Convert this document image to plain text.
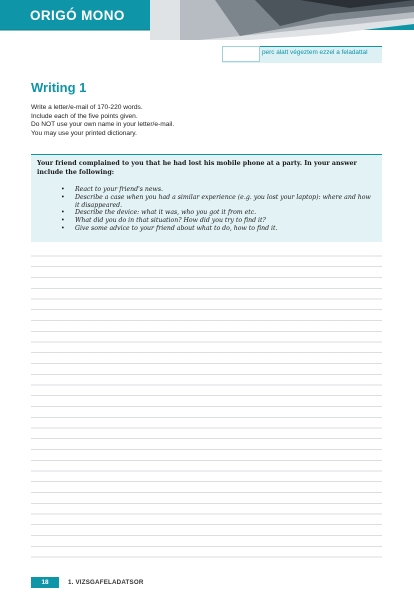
ORIGÓ MONO
perc alatt végeztem ezzel a feladattal
Writing 1
Write a letter/e-mail of 170-220 words.
Include each of the five points given.
Do NOT use your own name in your letter/e-mail.
You may use your printed dictionary.
Your friend complained to you that he had lost his mobile phone at a party. In your answer include the following:
• React to your friend's news.
• Describe a case when you had a similar experience (e.g. you lost your laptop): where and how it disappeared.
• Describe the device: what it was, who you got it from etc.
• What did you do in that situation? How did you try to find it?
• Give some advice to your friend about what to do, how to find it.
18	1. VIZSGAFELADATSOR
